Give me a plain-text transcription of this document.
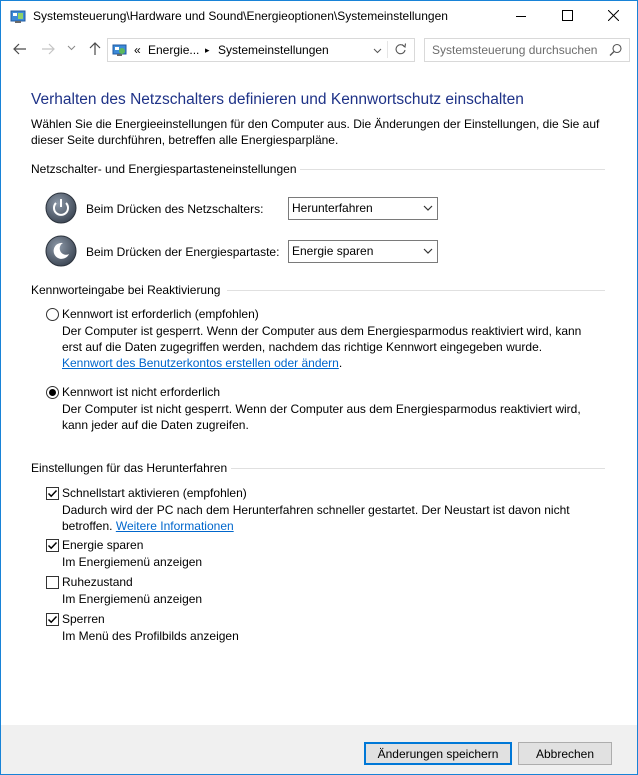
Systemsteuerung\Hardware und Sound\Energieoptionen\Systemeinstellungen
« Energie... ▸ Systemeinstellungen
Systemsteuerung durchsuchen
Verhalten des Netzschalters definieren und Kennwortschutz einschalten
Wählen Sie die Energieeinstellungen für den Computer aus. Die Änderungen der Einstellungen, die Sie auf dieser Seite durchführen, betreffen alle Energiesparpläne.
Netzschalter- und Energiespartasteneinstellungen
Beim Drücken des Netzschalters: Herunterfahren
Beim Drücken der Energiespartaste: Energie sparen
Kennworteingabe bei Reaktivierung
Kennwort ist erforderlich (empfohlen)
Der Computer ist gesperrt. Wenn der Computer aus dem Energiesparmodus reaktiviert wird, kann
erst auf die Daten zugegriffen werden, nachdem das richtige Kennwort eingegeben wurde.
Kennwort des Benutzerkontos erstellen oder ändern.
Kennwort ist nicht erforderlich
Der Computer ist nicht gesperrt. Wenn der Computer aus dem Energiesparmodus reaktiviert wird,
kann jeder auf die Daten zugreifen.
Einstellungen für das Herunterfahren
Schnellstart aktivieren (empfohlen)
Dadurch wird der PC nach dem Herunterfahren schneller gestartet. Der Neustart ist davon nicht
betroffen. Weitere Informationen
Energie sparen
Im Energiemenü anzeigen
Ruhezustand
Im Energiemenü anzeigen
Sperren
Im Menü des Profilbilds anzeigen
Änderungen speichern	Abbrechen
